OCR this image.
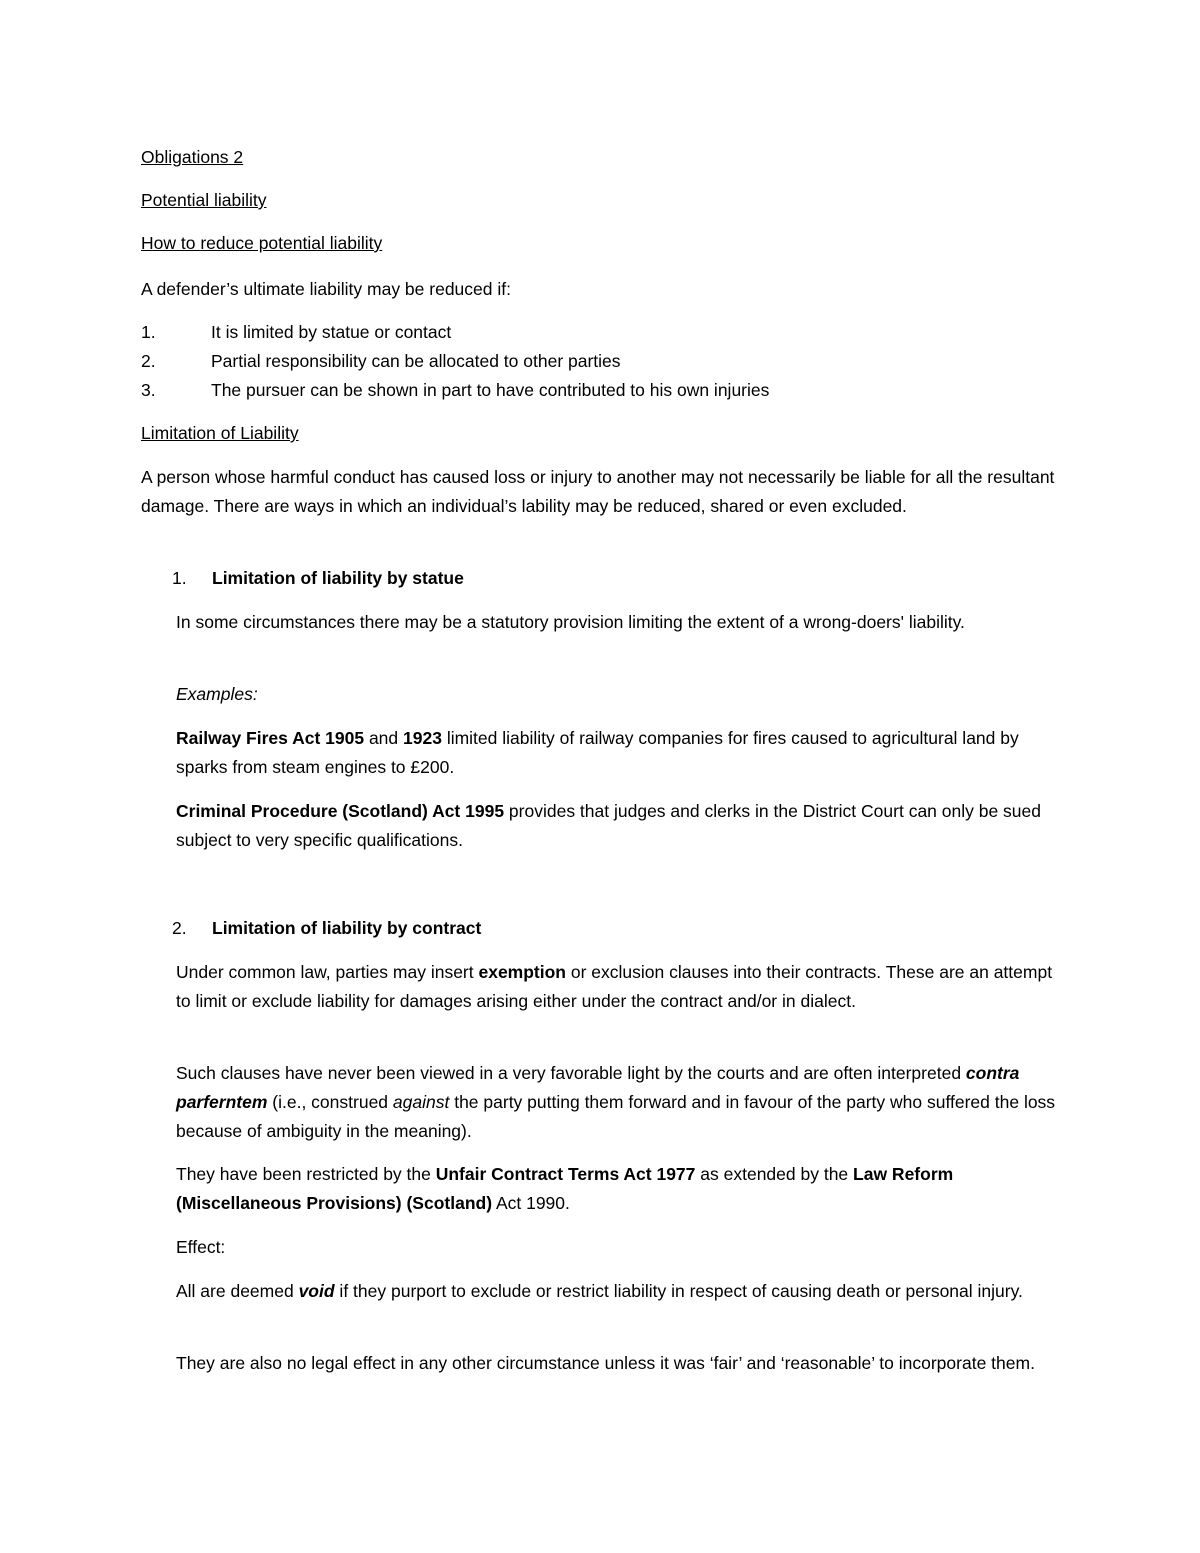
Obligations 2

Potential liability

How to reduce potential liability

A defender’s ultimate liability may be reduced if:

1.	It is limited by statue or contact
2.	Partial responsibility can be allocated to other parties
3.	The pursuer can be shown in part to have contributed to his own injuries

Limitation of Liability

A person whose harmful conduct has caused loss or injury to another may not necessarily be liable for all the resultant damage. There are ways in which an individual’s lability may be reduced, shared or even excluded.

1. Limitation of liability by statue

In some circumstances there may be a statutory provision limiting the extent of a wrong-doers' liability.

Examples:

Railway Fires Act 1905 and 1923 limited liability of railway companies for fires caused to agricultural land by sparks from steam engines to £200.

Criminal Procedure (Scotland) Act 1995 provides that judges and clerks in the District Court can only be sued subject to very specific qualifications.

2. Limitation of liability by contract

Under common law, parties may insert exemption or exclusion clauses into their contracts. These are an attempt to limit or exclude liability for damages arising either under the contract and/or in dialect.

Such clauses have never been viewed in a very favorable light by the courts and are often interpreted contra parferntem (i.e., construed against the party putting them forward and in favour of the party who suffered the loss because of ambiguity in the meaning).

They have been restricted by the Unfair Contract Terms Act 1977 as extended by the Law Reform (Miscellaneous Provisions) (Scotland) Act 1990.

Effect:

All are deemed void if they purport to exclude or restrict liability in respect of causing death or personal injury.

They are also no legal effect in any other circumstance unless it was ‘fair’ and ‘reasonable’ to incorporate them.
